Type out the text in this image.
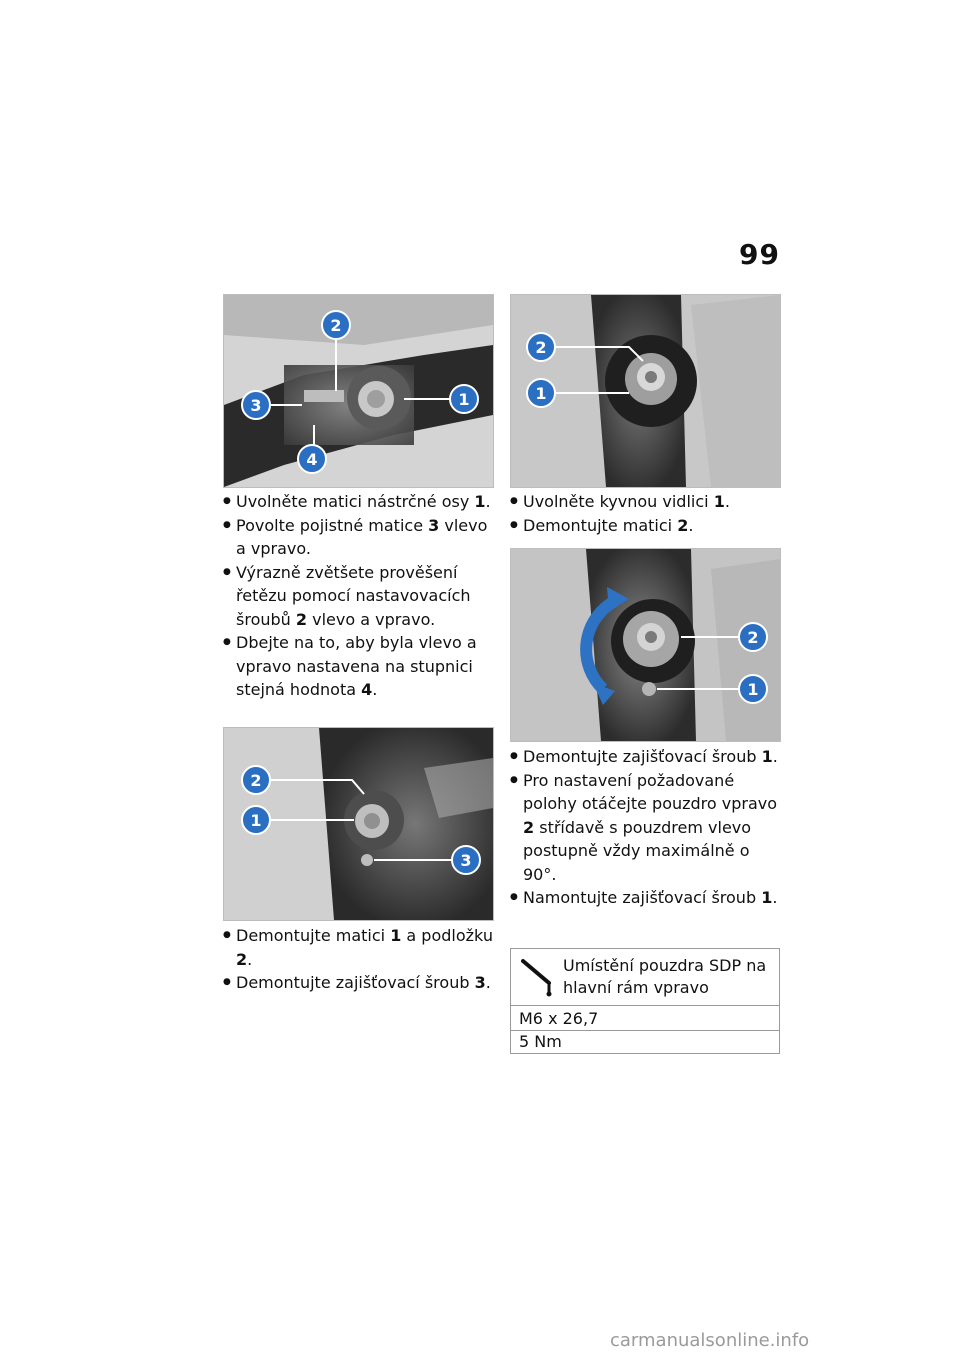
99
2
1
3
4
● Uvolněte matici nástrčné osy 1.
● Povolte pojistné matice 3 vlevo a vpravo.
● Výrazně zvětšete prověšení řetězu pomocí nastavovacích šroubů 2 vlevo a vpravo.
● Dbejte na to, aby byla vlevo a vpravo nastavena na stupnici stejná hodnota 4.
2
1
3
● Demontujte matici 1 a podložku 2.
● Demontujte zajišťovací šroub 3.
2
1
● Uvolněte kyvnou vidlici 1.
● Demontujte matici 2.
2
1
● Demontujte zajišťovací šroub 1.
● Pro nastavení požadované polohy otáčejte pouzdro vpravo 2 střídavě s pouzdrem vlevo postupně vždy maximálně o 90°.
● Namontujte zajišťovací šroub 1.
Umístění pouzdra SDP na hlavní rám vpravo
M6 x 26,7
5 Nm
carmanualsonline.info
